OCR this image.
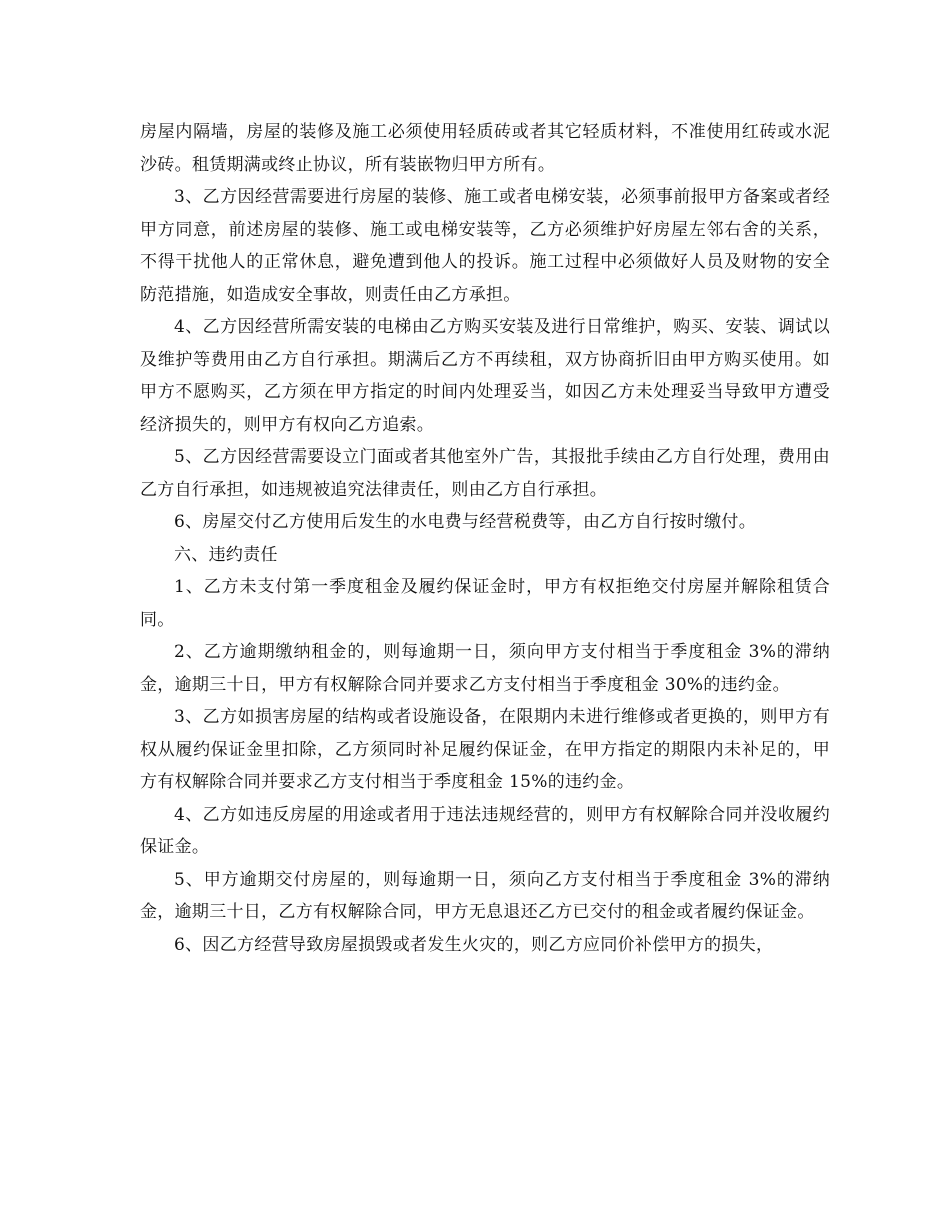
房屋内隔墙，房屋的装修及施工必须使用轻质砖或者其它轻质材料，不准使用红砖或水泥沙砖。租赁期满或终止协议，所有装嵌物归甲方所有。

3、乙方因经营需要进行房屋的装修、施工或者电梯安装，必须事前报甲方备案或者经甲方同意，前述房屋的装修、施工或电梯安装等，乙方必须维护好房屋左邻右舍的关系，不得干扰他人的正常休息，避免遭到他人的投诉。施工过程中必须做好人员及财物的安全防范措施，如造成安全事故，则责任由乙方承担。

4、乙方因经营所需安装的电梯由乙方购买安装及进行日常维护，购买、安装、调试以及维护等费用由乙方自行承担。期满后乙方不再续租，双方协商折旧由甲方购买使用。如甲方不愿购买，乙方须在甲方指定的时间内处理妥当，如因乙方未处理妥当导致甲方遭受经济损失的，则甲方有权向乙方追索。

5、乙方因经营需要设立门面或者其他室外广告，其报批手续由乙方自行处理，费用由乙方自行承担，如违规被追究法律责任，则由乙方自行承担。

6、房屋交付乙方使用后发生的水电费与经营税费等，由乙方自行按时缴付。

六、违约责任

1、乙方未支付第一季度租金及履约保证金时，甲方有权拒绝交付房屋并解除租赁合同。

2、乙方逾期缴纳租金的，则每逾期一日，须向甲方支付相当于季度租金 3%的滞纳金，逾期三十日，甲方有权解除合同并要求乙方支付相当于季度租金 30%的违约金。

3、乙方如损害房屋的结构或者设施设备，在限期内未进行维修或者更换的，则甲方有权从履约保证金里扣除，乙方须同时补足履约保证金，在甲方指定的期限内未补足的，甲方有权解除合同并要求乙方支付相当于季度租金 15%的违约金。

4、乙方如违反房屋的用途或者用于违法违规经营的，则甲方有权解除合同并没收履约保证金。

5、甲方逾期交付房屋的，则每逾期一日，须向乙方支付相当于季度租金 3%的滞纳金，逾期三十日，乙方有权解除合同，甲方无息退还乙方已交付的租金或者履约保证金。

6、因乙方经营导致房屋损毁或者发生火灾的，则乙方应同价补偿甲方的损失，
